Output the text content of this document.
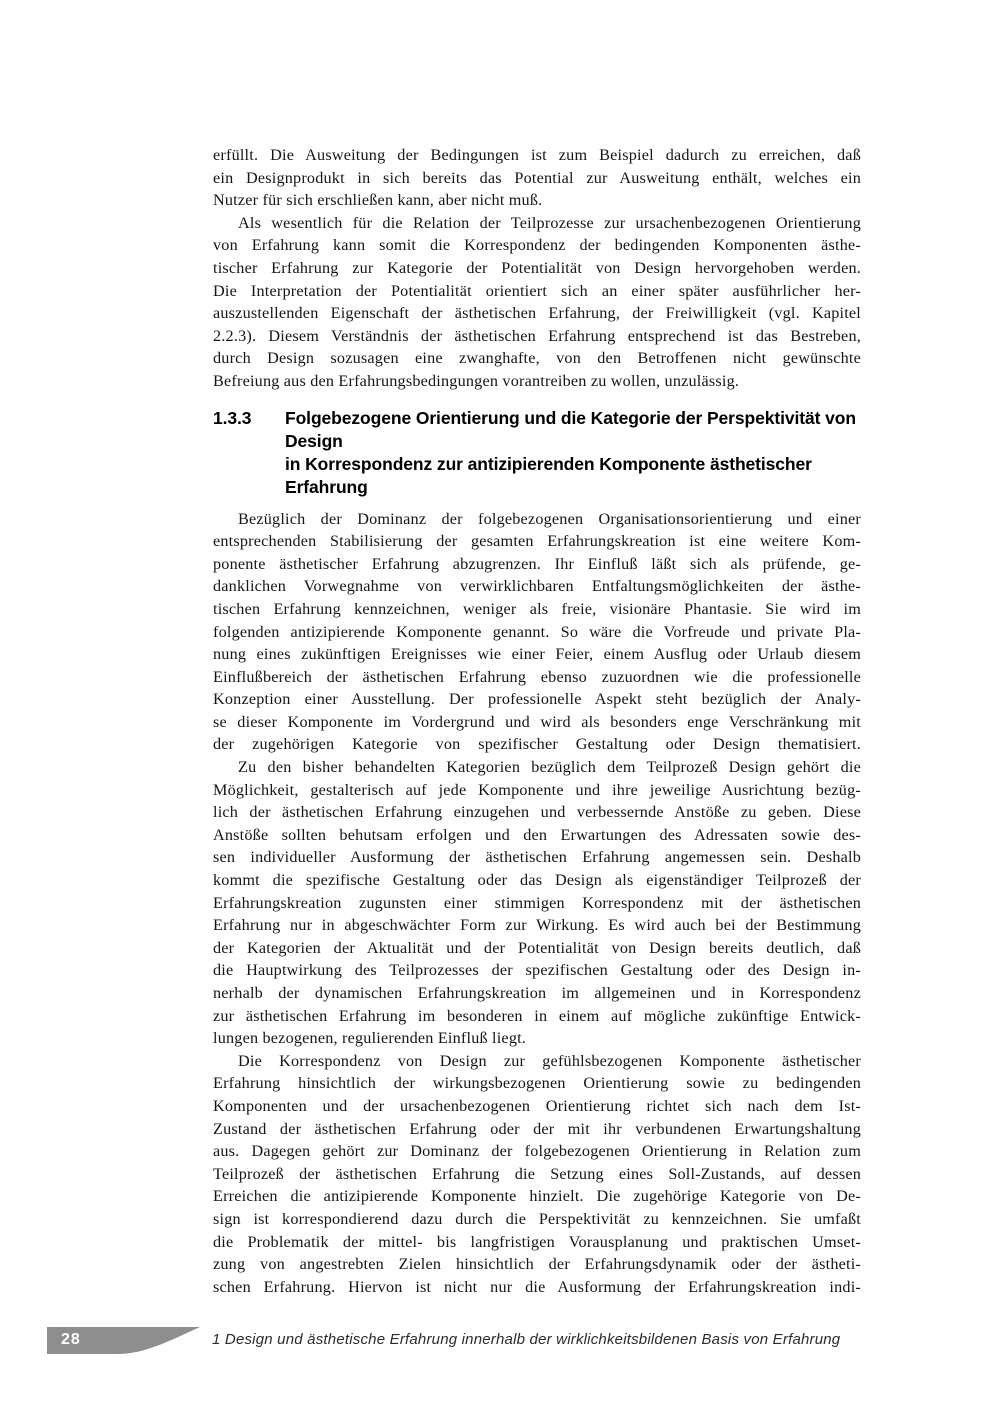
erfüllt. Die Ausweitung der Bedingungen ist zum Beispiel dadurch zu erreichen, daß
ein Designprodukt in sich bereits das Potential zur Ausweitung enthält, welches ein
Nutzer für sich erschließen kann, aber nicht muß.
Als wesentlich für die Relation der Teilprozesse zur ursachenbezogenen Orientierung
von Erfahrung kann somit die Korrespondenz der bedingenden Komponenten ästhe-
tischer Erfahrung zur Kategorie der Potentialität von Design hervorgehoben werden.
Die Interpretation der Potentialität orientiert sich an einer später ausführlicher her-
auszustellenden Eigenschaft der ästhetischen Erfahrung, der Freiwilligkeit (vgl. Kapitel
2.2.3). Diesem Verständnis der ästhetischen Erfahrung entsprechend ist das Bestreben,
durch Design sozusagen eine zwanghafte, von den Betroffenen nicht gewünschte
Befreiung aus den Erfahrungsbedingungen vorantreiben zu wollen, unzulässig.
1.3.3	Folgebezogene Orientierung und die Kategorie der Perspektivität von Design
in Korrespondenz zur antizipierenden Komponente ästhetischer Erfahrung
Bezüglich der Dominanz der folgebezogenen Organisationsorientierung und einer
entsprechenden Stabilisierung der gesamten Erfahrungskreation ist eine weitere Kom-
ponente ästhetischer Erfahrung abzugrenzen. Ihr Einfluß läßt sich als prüfende, ge-
danklichen Vorwegnahme von verwirklichbaren Entfaltungsmöglichkeiten der ästhe-
tischen Erfahrung kennzeichnen, weniger als freie, visionäre Phantasie. Sie wird im
folgenden antizipierende Komponente genannt. So wäre die Vorfreude und private Pla-
nung eines zukünftigen Ereignisses wie einer Feier, einem Ausflug oder Urlaub diesem
Einflußbereich der ästhetischen Erfahrung ebenso zuzuordnen wie die professionelle
Konzeption einer Ausstellung. Der professionelle Aspekt steht bezüglich der Analy-
se dieser Komponente im Vordergrund und wird als besonders enge Verschränkung mit
der zugehörigen Kategorie von spezifischer Gestaltung oder Design thematisiert.
Zu den bisher behandelten Kategorien bezüglich dem Teilprozeß Design gehört die
Möglichkeit, gestalterisch auf jede Komponente und ihre jeweilige Ausrichtung bezüg-
lich der ästhetischen Erfahrung einzugehen und verbessernde Anstöße zu geben. Diese
Anstöße sollten behutsam erfolgen und den Erwartungen des Adressaten sowie des-
sen individueller Ausformung der ästhetischen Erfahrung angemessen sein. Deshalb
kommt die spezifische Gestaltung oder das Design als eigenständiger Teilprozeß der
Erfahrungskreation zugunsten einer stimmigen Korrespondenz mit der ästhetischen
Erfahrung nur in abgeschwächter Form zur Wirkung. Es wird auch bei der Bestimmung
der Kategorien der Aktualität und der Potentialität von Design bereits deutlich, daß
die Hauptwirkung des Teilprozesses der spezifischen Gestaltung oder des Design in-
nerhalb der dynamischen Erfahrungskreation im allgemeinen und in Korrespondenz
zur ästhetischen Erfahrung im besonderen in einem auf mögliche zukünftige Entwick-
lungen bezogenen, regulierenden Einfluß liegt.
Die Korrespondenz von Design zur gefühlsbezogenen Komponente ästhetischer
Erfahrung hinsichtlich der wirkungsbezogenen Orientierung sowie zu bedingenden
Komponenten und der ursachenbezogenen Orientierung richtet sich nach dem Ist-
Zustand der ästhetischen Erfahrung oder der mit ihr verbundenen Erwartungshaltung
aus. Dagegen gehört zur Dominanz der folgebezogenen Orientierung in Relation zum
Teilprozeß der ästhetischen Erfahrung die Setzung eines Soll-Zustands, auf dessen
Erreichen die antizipierende Komponente hinzielt. Die zugehörige Kategorie von De-
sign ist korrespondierend dazu durch die Perspektivität zu kennzeichnen. Sie umfaßt
die Problematik der mittel- bis langfristigen Vorausplanung und praktischen Umset-
zung von angestrebten Zielen hinsichtlich der Erfahrungsdynamik oder der ästheti-
schen Erfahrung. Hiervon ist nicht nur die Ausformung der Erfahrungskreation indi-
28	1 Design und ästhetische Erfahrung innerhalb der wirklichkeitsbildenen Basis von Erfahrung
